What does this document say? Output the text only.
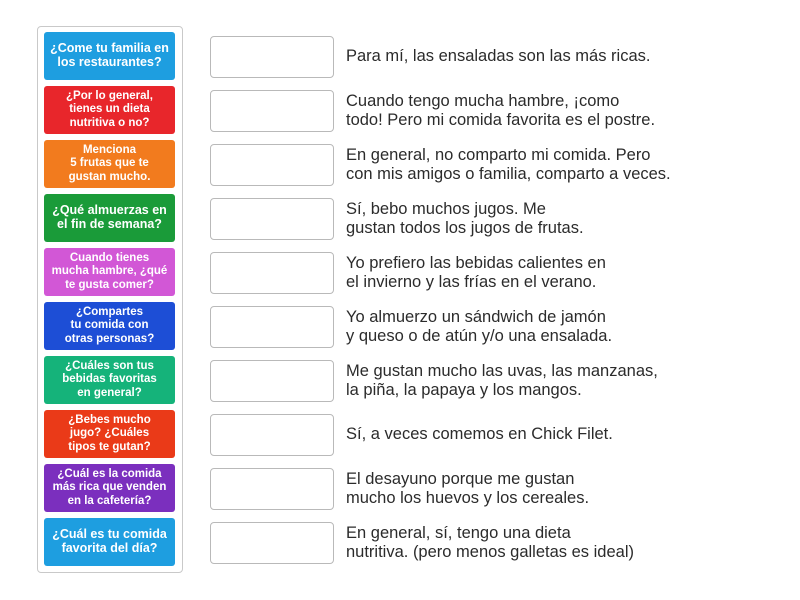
¿Come tu familia en
los restaurantes?
¿Por lo general,
tienes un dieta
nutritiva o no?
Menciona
5 frutas que te
gustan mucho.
¿Qué almuerzas en
el fin de semana?
Cuando tienes
mucha hambre, ¿qué
te gusta comer?
¿Compartes
tu comida con
otras personas?
¿Cuáles son tus
bebidas favoritas
en general?
¿Bebes mucho
jugo? ¿Cuáles
tipos te gutan?
¿Cuál es la comida
más rica que venden
en la cafetería?
¿Cuál es tu comida
favorita del día?
Para mí, las ensaladas son las más ricas.
Cuando tengo mucha hambre, ¡como
todo! Pero mi comida favorita es el postre.
En general, no comparto mi comida. Pero
con mis amigos o familia, comparto a veces.
Sí, bebo muchos jugos. Me
gustan todos los jugos de frutas.
Yo prefiero las bebidas calientes en
el invierno y las frías en el verano.
Yo almuerzo un sándwich de jamón
y queso o de atún y/o una ensalada.
Me gustan mucho las uvas, las manzanas,
la piña, la papaya y los mangos.
Sí, a veces comemos en Chick Filet.
El desayuno porque me gustan
mucho los huevos y los cereales.
En general, sí, tengo una dieta
nutritiva. (pero menos galletas es ideal)
